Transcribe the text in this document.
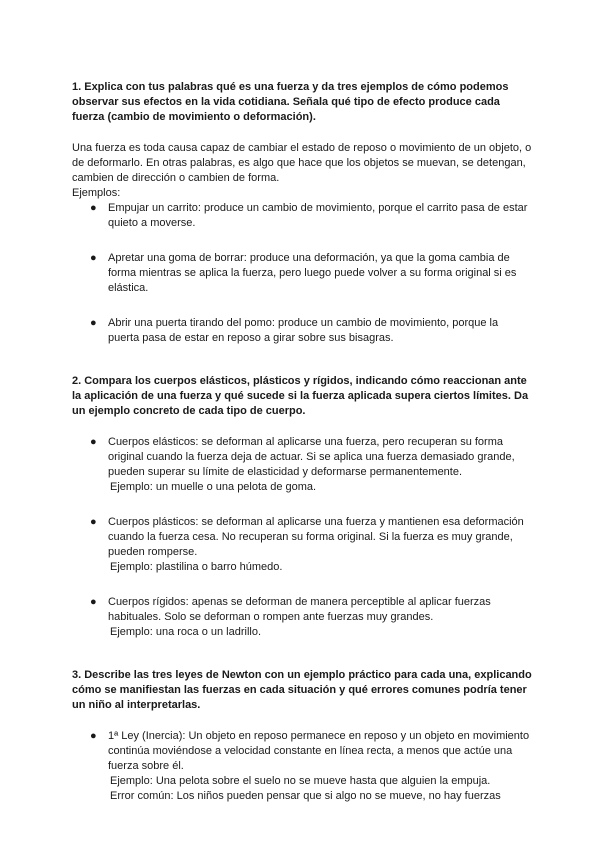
1. Explica con tus palabras qué es una fuerza y da tres ejemplos de cómo podemos observar sus efectos en la vida cotidiana. Señala qué tipo de efecto produce cada fuerza (cambio de movimiento o deformación).

Una fuerza es toda causa capaz de cambiar el estado de reposo o movimiento de un objeto, o de deformarlo. En otras palabras, es algo que hace que los objetos se muevan, se detengan, cambien de dirección o cambien de forma.

Ejemplos:

● Empujar un carrito: produce un cambio de movimiento, porque el carrito pasa de estar quieto a moverse.
● Apretar una goma de borrar: produce una deformación, ya que la goma cambia de forma mientras se aplica la fuerza, pero luego puede volver a su forma original si es elástica.
● Abrir una puerta tirando del pomo: produce un cambio de movimiento, porque la puerta pasa de estar en reposo a girar sobre sus bisagras.

2. Compara los cuerpos elásticos, plásticos y rígidos, indicando cómo reaccionan ante la aplicación de una fuerza y qué sucede si la fuerza aplicada supera ciertos límites. Da un ejemplo concreto de cada tipo de cuerpo.

● Cuerpos elásticos: se deforman al aplicarse una fuerza, pero recuperan su forma original cuando la fuerza deja de actuar. Si se aplica una fuerza demasiado grande, pueden superar su límite de elasticidad y deformarse permanentemente.
Ejemplo: un muelle o una pelota de goma.
● Cuerpos plásticos: se deforman al aplicarse una fuerza y mantienen esa deformación cuando la fuerza cesa. No recuperan su forma original. Si la fuerza es muy grande, pueden romperse.
Ejemplo: plastilina o barro húmedo.
● Cuerpos rígidos: apenas se deforman de manera perceptible al aplicar fuerzas habituales. Solo se deforman o rompen ante fuerzas muy grandes.
Ejemplo: una roca o un ladrillo.

3. Describe las tres leyes de Newton con un ejemplo práctico para cada una, explicando cómo se manifiestan las fuerzas en cada situación y qué errores comunes podría tener un niño al interpretarlas.

● 1ª Ley (Inercia): Un objeto en reposo permanece en reposo y un objeto en movimiento continúa moviéndose a velocidad constante en línea recta, a menos que actúe una fuerza sobre él.
Ejemplo: Una pelota sobre el suelo no se mueve hasta que alguien la empuja.
Error común: Los niños pueden pensar que si algo no se mueve, no hay fuerzas
